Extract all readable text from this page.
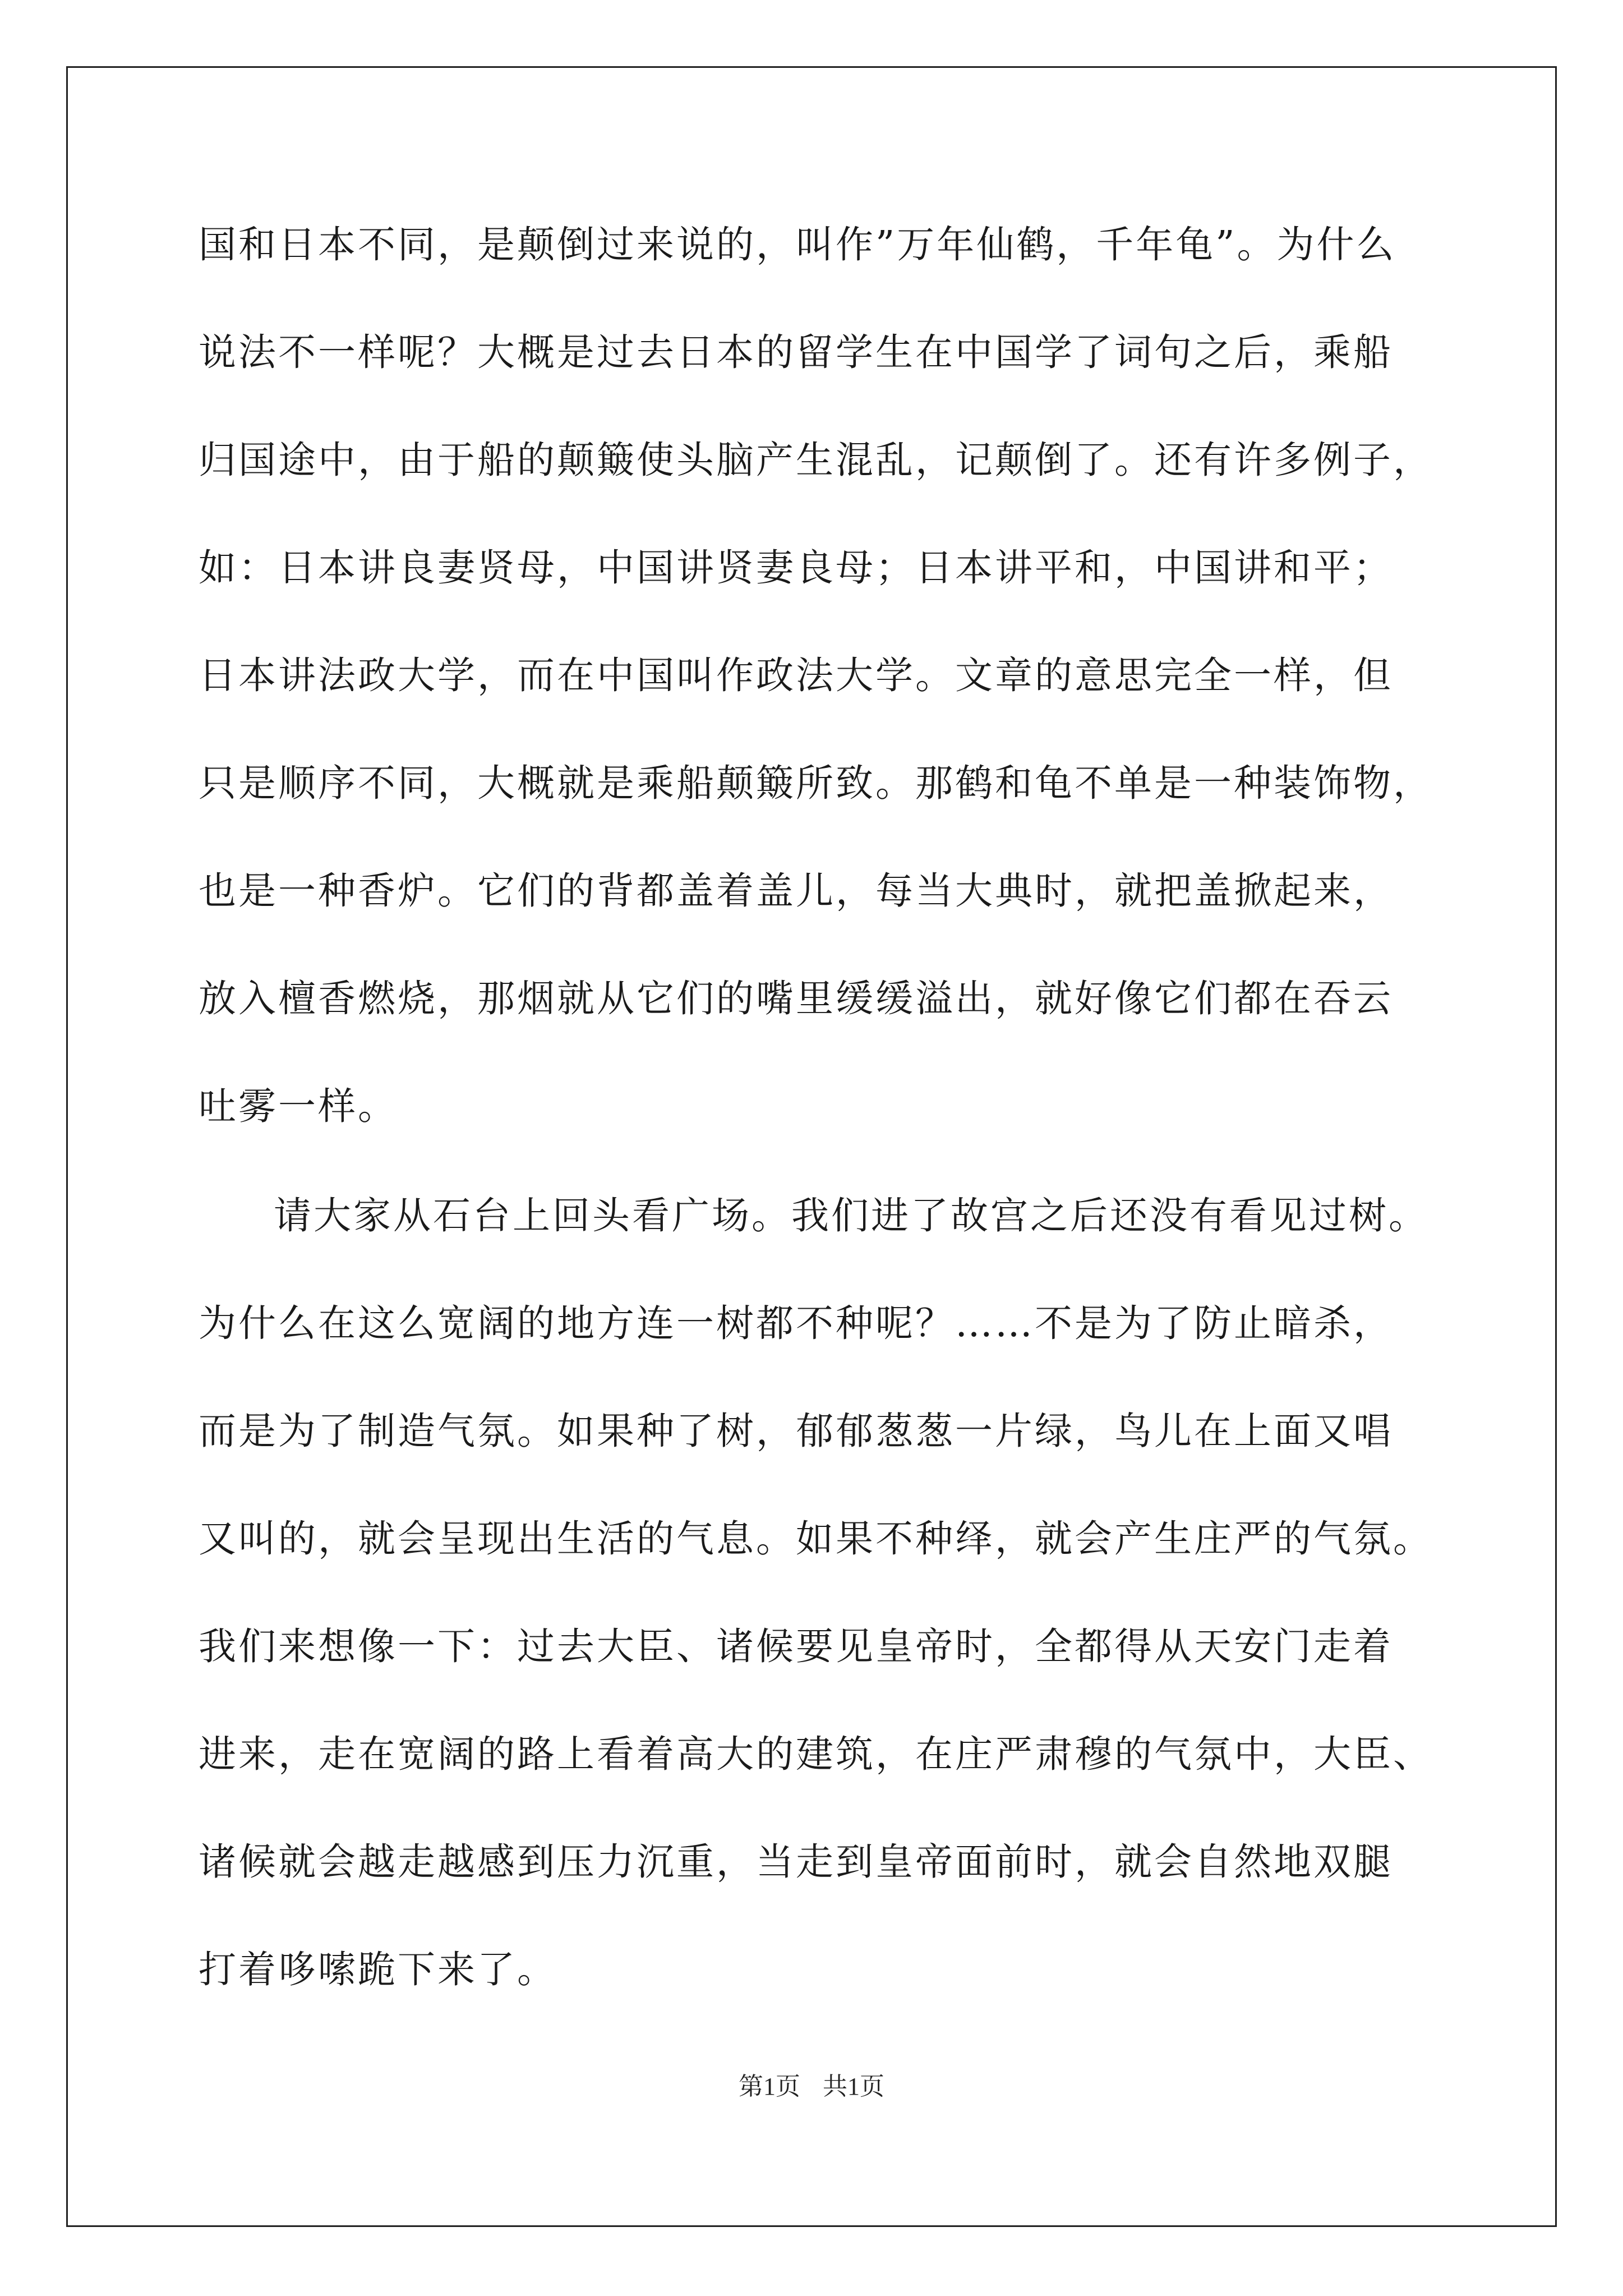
国和日本不同，是颠倒过来说的，叫作”万年仙鹤，千年龟”。为什么
说法不一样呢？大概是过去日本的留学生在中国学了词句之后，乘船
归国途中，由于船的颠簸使头脑产生混乱，记颠倒了。还有许多例子，
如：日本讲良妻贤母，中国讲贤妻良母；日本讲平和，中国讲和平；
日本讲法政大学，而在中国叫作政法大学。文章的意思完全一样，但
只是顺序不同，大概就是乘船颠簸所致。那鹤和龟不单是一种装饰物，
也是一种香炉。它们的背都盖着盖儿，每当大典时，就把盖掀起来，
放入檀香燃烧，那烟就从它们的嘴里缓缓溢出，就好像它们都在吞云
吐雾一样。
请大家从石台上回头看广场。我们进了故宫之后还没有看见过树。
为什么在这么宽阔的地方连一树都不种呢？……不是为了防止暗杀，
而是为了制造气氛。如果种了树，郁郁葱葱一片绿，鸟儿在上面又唱
又叫的，就会呈现出生活的气息。如果不种绎，就会产生庄严的气氛。
我们来想像一下：过去大臣、诸候要见皇帝时，全都得从天安门走着
进来，走在宽阔的路上看着高大的建筑，在庄严肃穆的气氛中，大臣、
诸候就会越走越感到压力沉重，当走到皇帝面前时，就会自然地双腿
打着哆嗦跪下来了。
第1页 共1页
